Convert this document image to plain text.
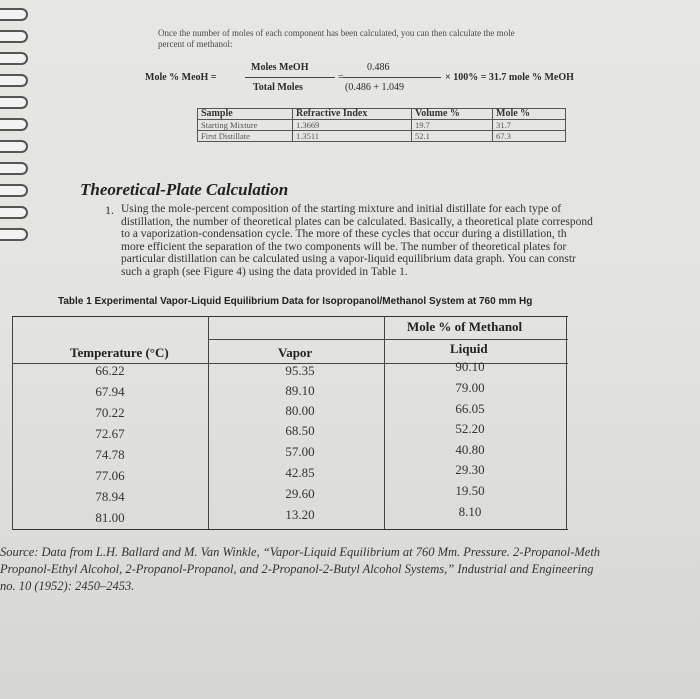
Once the number of moles of each component has been calculated, you can then calculate the mole
percent of methanol:
Mole % MeoH =
Moles MeOH
Total Moles
=
0.486
(0.486 + 1.049
× 100% = 31.7 mole % MeOH
Sample	Refractive Index	Volume %	Mole %
Starting Mixture	1.3669	19.7	31.7
First Distillate	1.3511	52.1	67.3
Theoretical-Plate Calculation
1. Using the mole-percent composition of the starting mixture and initial distillate for each type of
distillation, the number of theoretical plates can be calculated. Basically, a theoretical plate correspond
to a vaporization-condensation cycle. The more of these cycles that occur during a distillation, th
more efficient the separation of the two components will be. The number of theoretical plates for
particular distillation can be calculated using a vapor-liquid equilibrium data graph. You can constr
such a graph (see Figure 4) using the data provided in Table 1.
Table 1 Experimental Vapor-Liquid Equilibrium Data for Isopropanol/Methanol System at 760 mm Hg
Mole % of Methanol
Temperature (°C)	Vapor	Liquid
66.22	95.35	90.10
67.94	89.10	79.00
70.22	80.00	66.05
72.67	68.50	52.20
74.78	57.00	40.80
77.06	42.85	29.30
78.94	29.60	19.50
81.00	13.20	8.10
Source: Data from L.H. Ballard and M. Van Winkle, “Vapor-Liquid Equilibrium at 760 Mm. Pressure. 2-Propanol-Meth
Propanol-Ethyl Alcohol, 2-Propanol-Propanol, and 2-Propanol-2-Butyl Alcohol Systems,” Industrial and Engineering
no. 10 (1952): 2450–2453.
